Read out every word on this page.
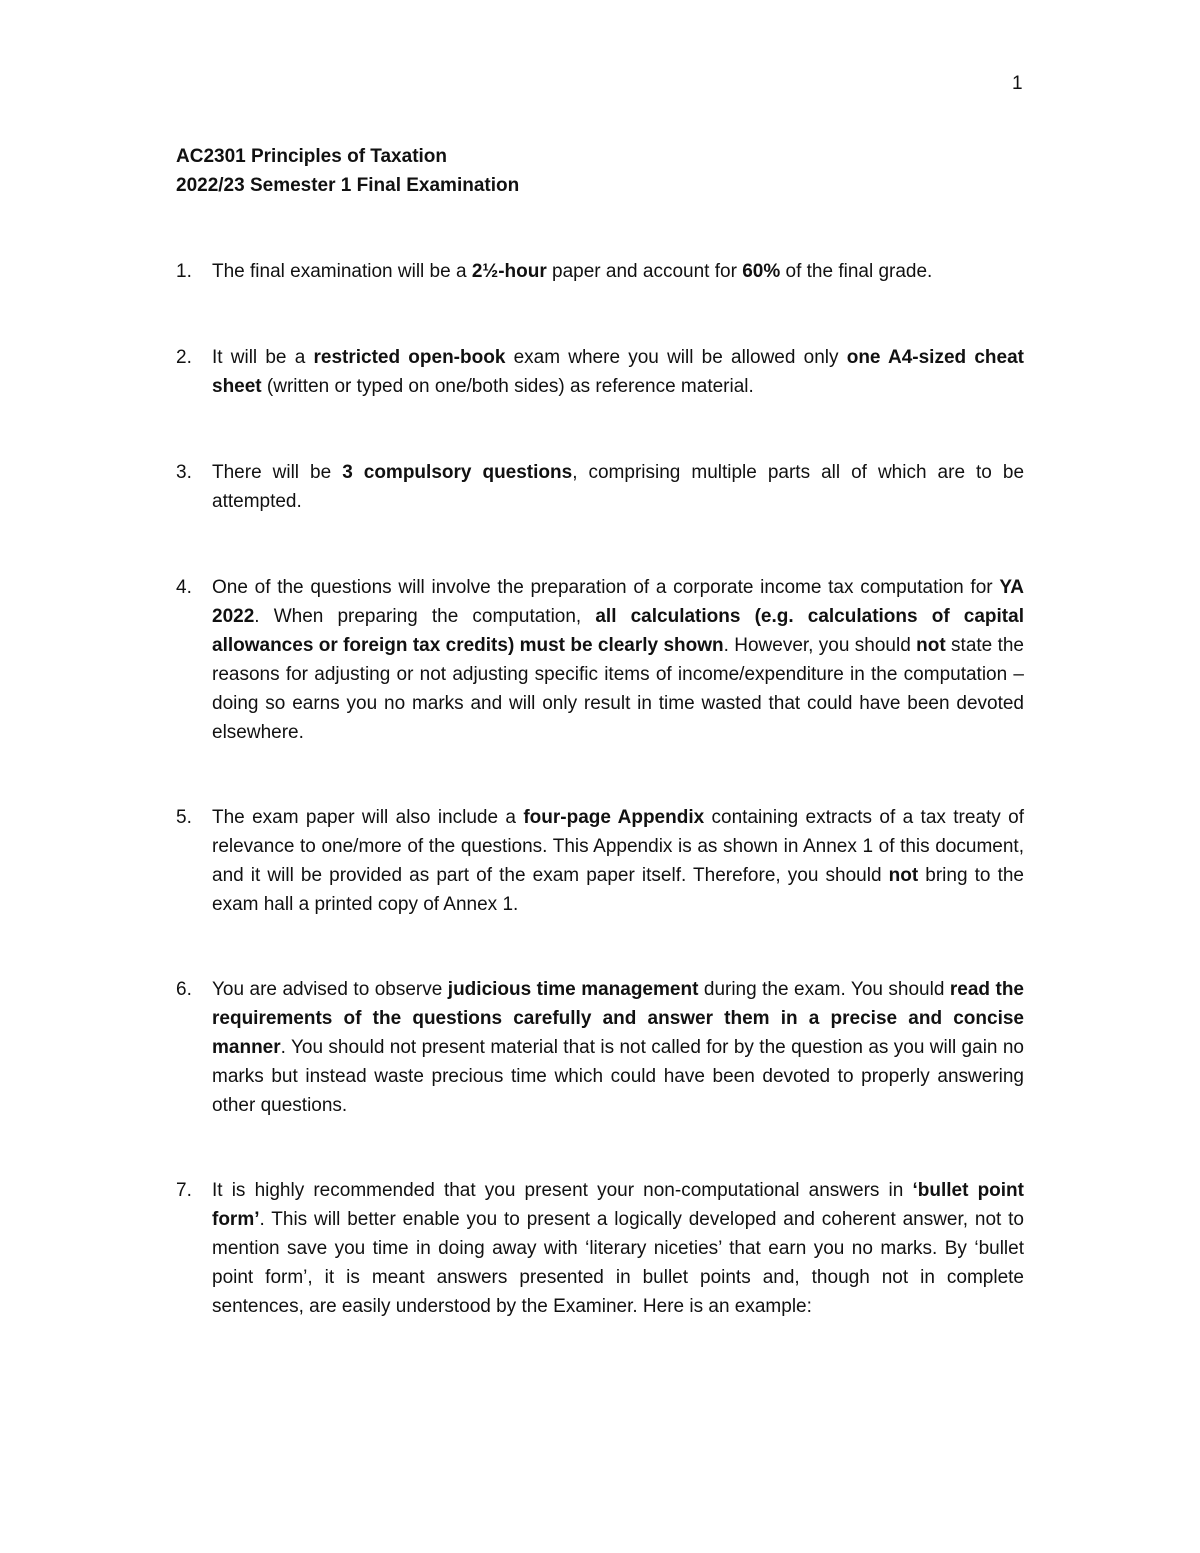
1
AC2301 Principles of Taxation
2022/23 Semester 1 Final Examination
1.	The final examination will be a 2½-hour paper and account for 60% of the final grade.
2.	It will be a restricted open-book exam where you will be allowed only one A4-sized cheat sheet (written or typed on one/both sides) as reference material.
3.	There will be 3 compulsory questions, comprising multiple parts all of which are to be attempted.
4.	One of the questions will involve the preparation of a corporate income tax computation for YA 2022. When preparing the computation, all calculations (e.g. calculations of capital allowances or foreign tax credits) must be clearly shown. However, you should not state the reasons for adjusting or not adjusting specific items of income/expenditure in the computation – doing so earns you no marks and will only result in time wasted that could have been devoted elsewhere.
5.	The exam paper will also include a four-page Appendix containing extracts of a tax treaty of relevance to one/more of the questions. This Appendix is as shown in Annex 1 of this document, and it will be provided as part of the exam paper itself. Therefore, you should not bring to the exam hall a printed copy of Annex 1.
6.	You are advised to observe judicious time management during the exam. You should read the requirements of the questions carefully and answer them in a precise and concise manner. You should not present material that is not called for by the question as you will gain no marks but instead waste precious time which could have been devoted to properly answering other questions.
7.	It is highly recommended that you present your non-computational answers in ‘bullet point form’. This will better enable you to present a logically developed and coherent answer, not to mention save you time in doing away with ‘literary niceties’ that earn you no marks. By ‘bullet point form’, it is meant answers presented in bullet points and, though not in complete sentences, are easily understood by the Examiner. Here is an example:
